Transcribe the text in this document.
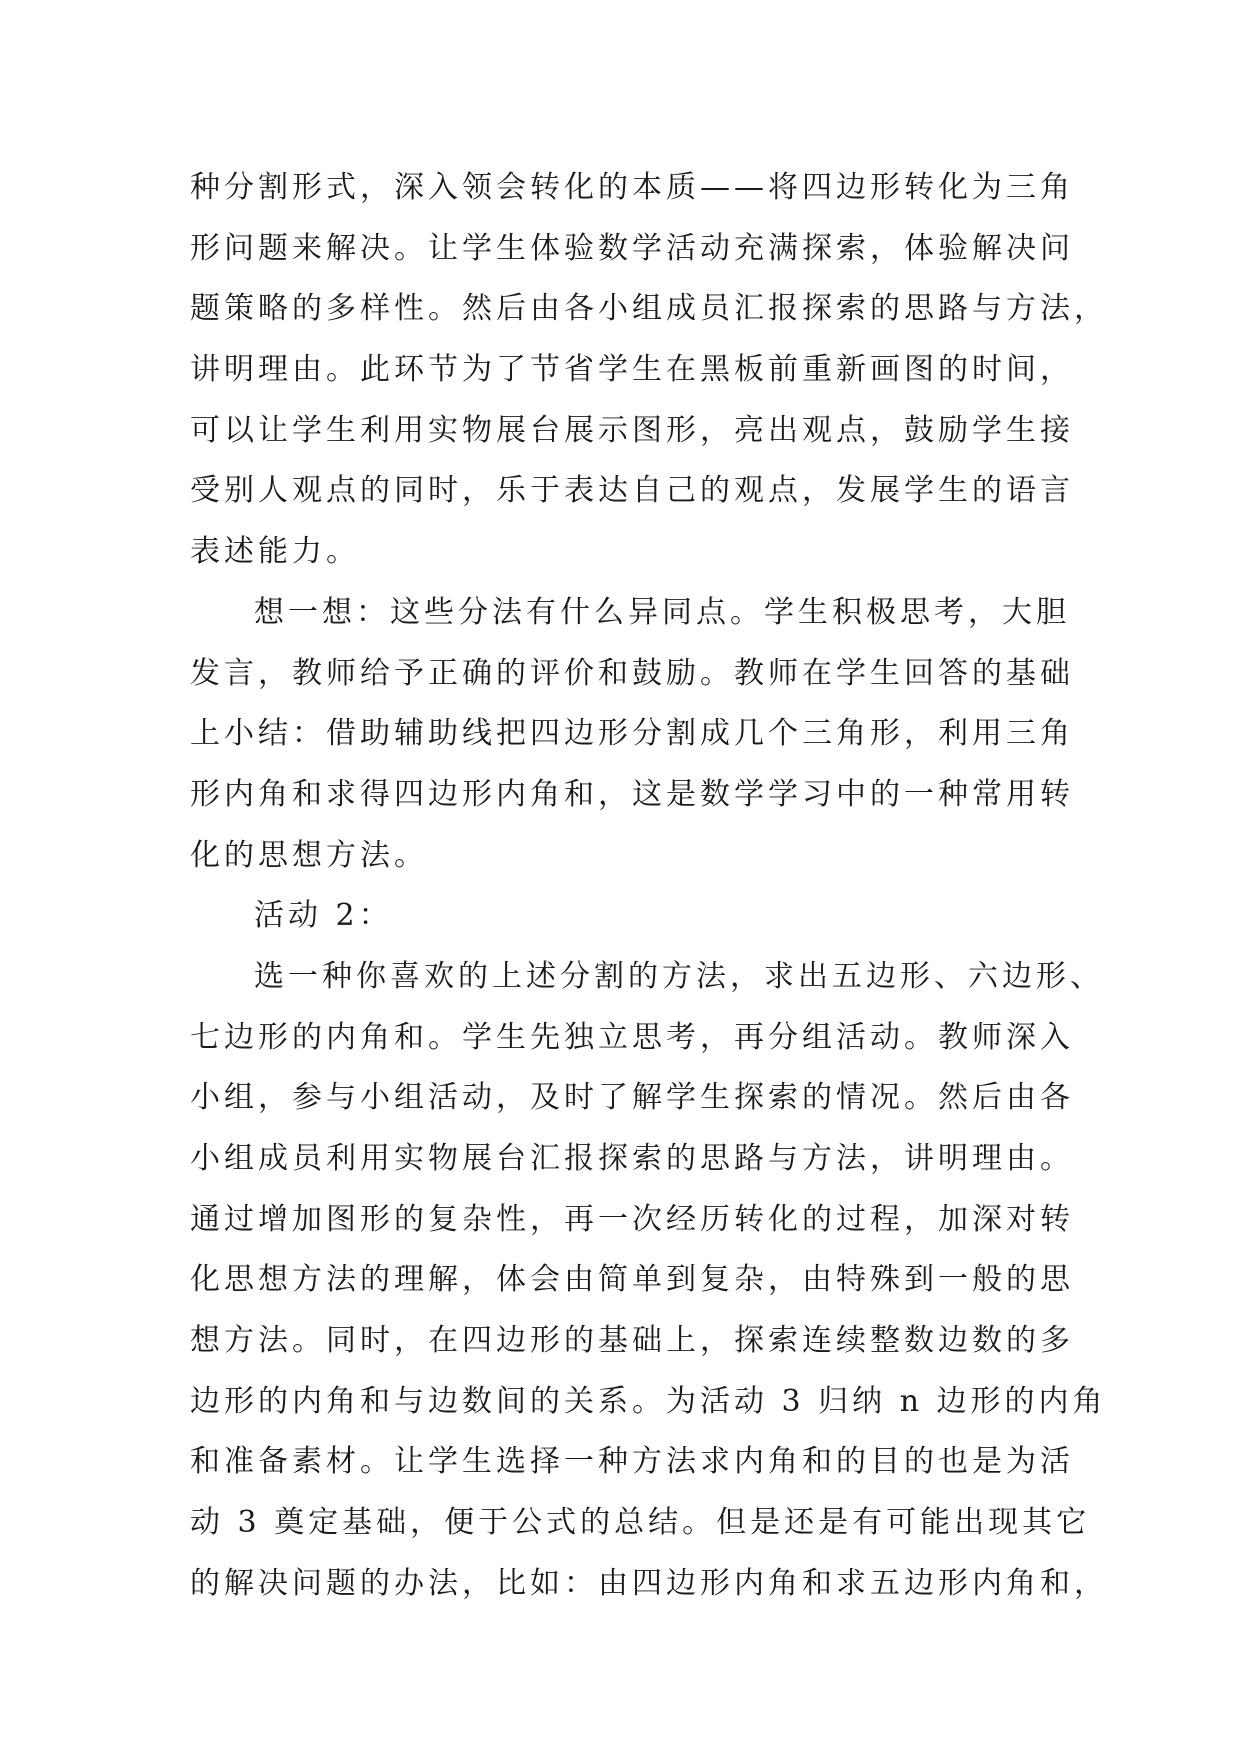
种分割形式，深入领会转化的本质——将四边形转化为三角
形问题来解决。让学生体验数学活动充满探索，体验解决问
题策略的多样性。然后由各小组成员汇报探索的思路与方法，
讲明理由。此环节为了节省学生在黑板前重新画图的时间，
可以让学生利用实物展台展示图形，亮出观点，鼓励学生接
受别人观点的同时，乐于表达自己的观点，发展学生的语言
表述能力。
想一想：这些分法有什么异同点。学生积极思考，大胆
发言，教师给予正确的评价和鼓励。教师在学生回答的基础
上小结：借助辅助线把四边形分割成几个三角形，利用三角
形内角和求得四边形内角和，这是数学学习中的一种常用转
化的思想方法。
活动 2：
选一种你喜欢的上述分割的方法，求出五边形、六边形、
七边形的内角和。学生先独立思考，再分组活动。教师深入
小组，参与小组活动，及时了解学生探索的情况。然后由各
小组成员利用实物展台汇报探索的思路与方法，讲明理由。
通过增加图形的复杂性，再一次经历转化的过程，加深对转
化思想方法的理解，体会由简单到复杂，由特殊到一般的思
想方法。同时，在四边形的基础上，探索连续整数边数的多
边形的内角和与边数间的关系。为活动 3 归纳 n 边形的内角
和准备素材。让学生选择一种方法求内角和的目的也是为活
动 3 奠定基础，便于公式的总结。但是还是有可能出现其它
的解决问题的办法，比如：由四边形内角和求五边形内角和，
